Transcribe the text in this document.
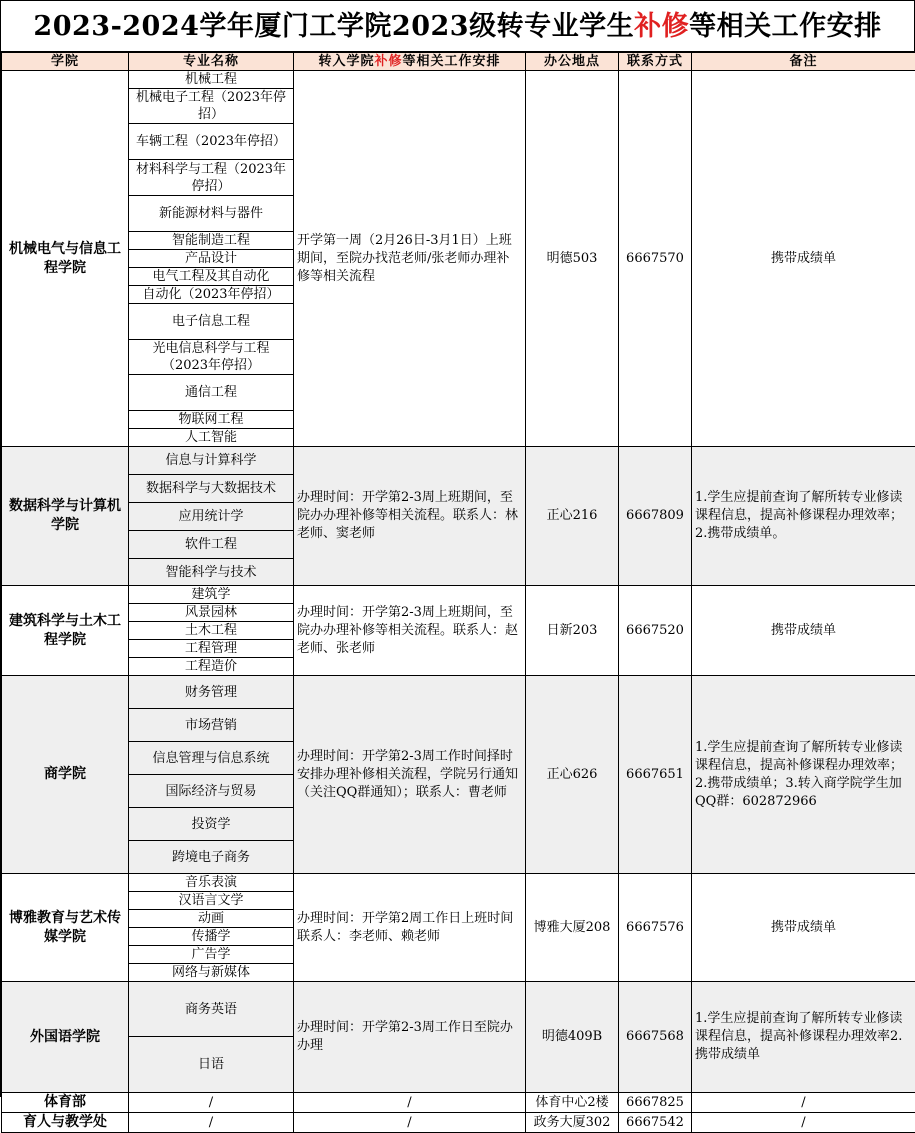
2023-2024学年厦门工学院2023级转专业学生补修等相关工作安排
学院	专业名称	转入学院补修等相关工作安排	办公地点	联系方式	备注
机械电气与信息工程学院	机械工程	开学第一周（2月26日-3月1日）上班期间，至院办找范老师/张老师办理补修等相关流程	明德503	6667570	携带成绩单
	机械电子工程（2023年停招）				
	车辆工程（2023年停招）				
	材料科学与工程（2023年停招）				
	新能源材料与器件				
	智能制造工程				
	产品设计				
	电气工程及其自动化				
	自动化（2023年停招）				
	电子信息工程				
	光电信息科学与工程（2023年停招）				
	通信工程				
	物联网工程				
	人工智能				
数据科学与计算机学院	信息与计算科学	办理时间：开学第2-3周上班期间，至院办办理补修等相关流程。联系人：林老师、窦老师	正心216	6667809	1.学生应提前查询了解所转专业修读课程信息，提高补修课程办理效率；2.携带成绩单。
	数据科学与大数据技术				
	应用统计学				
	软件工程				
	智能科学与技术				
建筑科学与土木工程学院	建筑学	办理时间：开学第2-3周上班期间，至院办办理补修等相关流程。联系人：赵老师、张老师	日新203	6667520	携带成绩单
	风景园林				
	土木工程				
	工程管理				
	工程造价				
商学院	财务管理	办理时间：开学第2-3周工作时间择时安排办理补修相关流程，学院另行通知（关注QQ群通知）；联系人：曹老师	正心626	6667651	1.学生应提前查询了解所转专业修读课程信息，提高补修课程办理效率；2.携带成绩单；3.转入商学院学生加QQ群：602872966
	市场营销				
	信息管理与信息系统				
	国际经济与贸易				
	投资学				
	跨境电子商务				
博雅教育与艺术传媒学院	音乐表演	办理时间：开学第2周工作日上班时间联系人：李老师、赖老师	博雅大厦208	6667576	携带成绩单
	汉语言文学				
	动画				
	传播学				
	广告学				
	网络与新媒体				
外国语学院	商务英语	办理时间：开学第2-3周工作日至院办办理	明德409B	6667568	1.学生应提前查询了解所转专业修读课程信息，提高补修课程办理效率2.携带成绩单
	日语				
体育部	/	/	体育中心2楼	6667825	/
育人与教学处	/	/	政务大厦302	6667542	/
